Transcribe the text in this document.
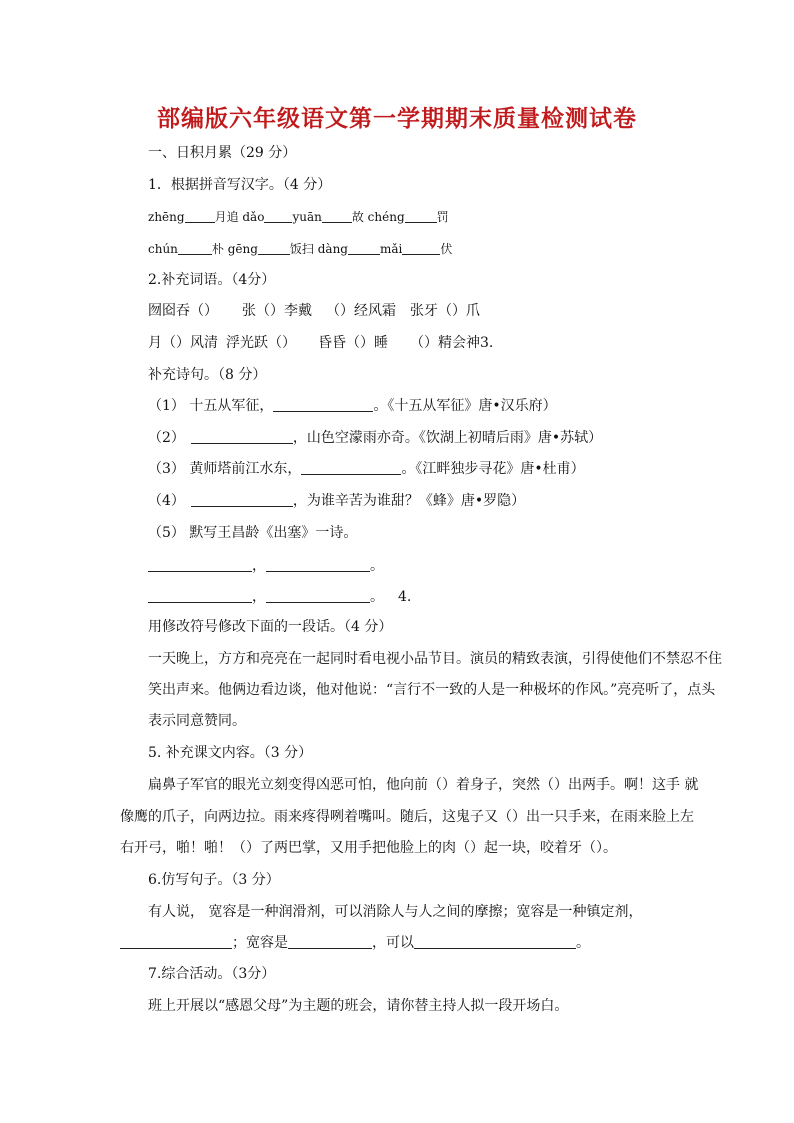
部编版六年级语文第一学期期末质量检测试卷
一、日积月累（29 分）
1．根据拼音写汉字。（4 分）
zhēng	月追 dǎo yuān	故 chéng	罚
chún	朴 gēng	饭扫 dàng	mǎi	伏
2.补充词语。（4分）
囫囵吞（） 张（）李戴 （）经风霜 张牙（）爪
月（）风清 浮光跃（） 昏昏（）睡 （）精会神3.
补充诗句。（8 分）
（1） 十五从军征，	。《十五从军征》唐•汉乐府）
（2）	，山色空濛雨亦奇。《饮湖上初晴后雨》唐•苏轼）
（3） 黄师塔前江水东，	。《江畔独步寻花》唐•杜甫）
（4）	，为谁辛苦为谁甜？《蜂》唐•罗隐）
（5） 默写王昌龄《出塞》一诗。
，	。
，	。 4.
用修改符号修改下面的一段话。（4 分）
一天晚上，方方和亮亮在一起同时看电视小品节目。演员的精致表演，引得使他们不禁忍不住
笑出声来。他俩边看边谈，他对他说：“言行不一致的人是一种极坏的作风。”亮亮听了，点头
表示同意赞同。
5. 补充课文内容。（3 分）
扁鼻子军官的眼光立刻变得凶恶可怕，他向前（）着身子，突然（）出两手。啊！这手 就
像鹰的爪子，向两边拉。雨来疼得咧着嘴叫。随后，这鬼子又（）出一只手来，在雨来脸上左
右开弓，啪！啪！（）了两巴掌，又用手把他脸上的肉（）起一块，咬着牙（）。
6.仿写句子。（3 分）
有人说， 宽容是一种润滑剂，可以消除人与人之间的摩擦；宽容是一种镇定剂，
；宽容是	，可以	。
7.综合活动。（3分）
班上开展以“感恩父母”为主题的班会，请你替主持人拟一段开场白。
